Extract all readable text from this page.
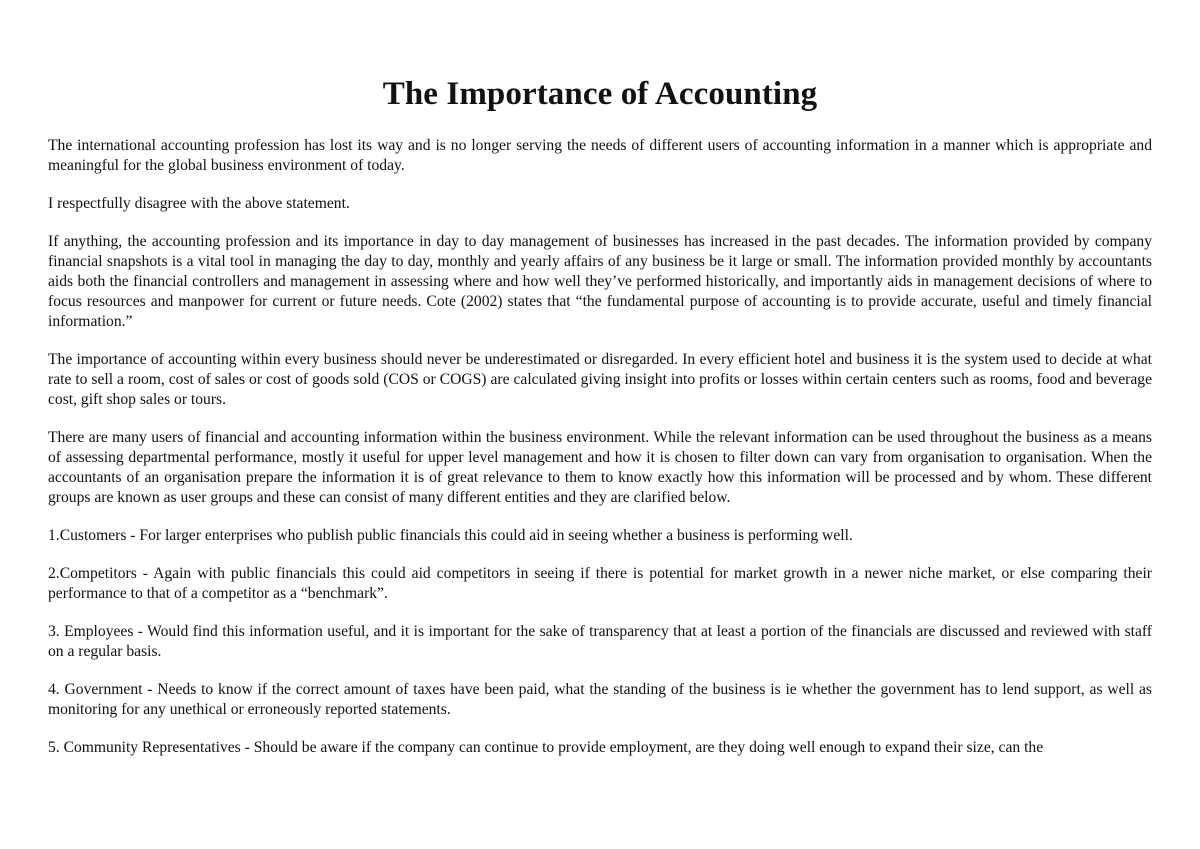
The Importance of Accounting

The international accounting profession has lost its way and is no longer serving the needs of different users of accounting information in a manner which is appropriate and meaningful for the global business environment of today.

I respectfully disagree with the above statement.

If anything, the accounting profession and its importance in day to day management of businesses has increased in the past decades. The information provided by company financial snapshots is a vital tool in managing the day to day, monthly and yearly affairs of any business be it large or small. The information provided monthly by accountants aids both the financial controllers and management in assessing where and how well they’ve performed historically, and importantly aids in management decisions of where to focus resources and manpower for current or future needs. Cote (2002) states that “the fundamental purpose of accounting is to provide accurate, useful and timely financial information.”

The importance of accounting within every business should never be underestimated or disregarded. In every efficient hotel and business it is the system used to decide at what rate to sell a room, cost of sales or cost of goods sold (COS or COGS) are calculated giving insight into profits or losses within certain centers such as rooms, food and beverage cost, gift shop sales or tours.

There are many users of financial and accounting information within the business environment. While the relevant information can be used throughout the business as a means of assessing departmental performance, mostly it useful for upper level management and how it is chosen to filter down can vary from organisation to organisation. When the accountants of an organisation prepare the information it is of great relevance to them to know exactly how this information will be processed and by whom. These different groups are known as user groups and these can consist of many different entities and they are clarified below.

1.Customers - For larger enterprises who publish public financials this could aid in seeing whether a business is performing well.

2.Competitors - Again with public financials this could aid competitors in seeing if there is potential for market growth in a newer niche market, or else comparing their performance to that of a competitor as a “benchmark”.

3. Employees - Would find this information useful, and it is important for the sake of transparency that at least a portion of the financials are discussed and reviewed with staff on a regular basis.

4. Government - Needs to know if the correct amount of taxes have been paid, what the standing of the business is ie whether the government has to lend support, as well as monitoring for any unethical or erroneously reported statements.

5. Community Representatives - Should be aware if the company can continue to provide employment, are they doing well enough to expand their size, can the
